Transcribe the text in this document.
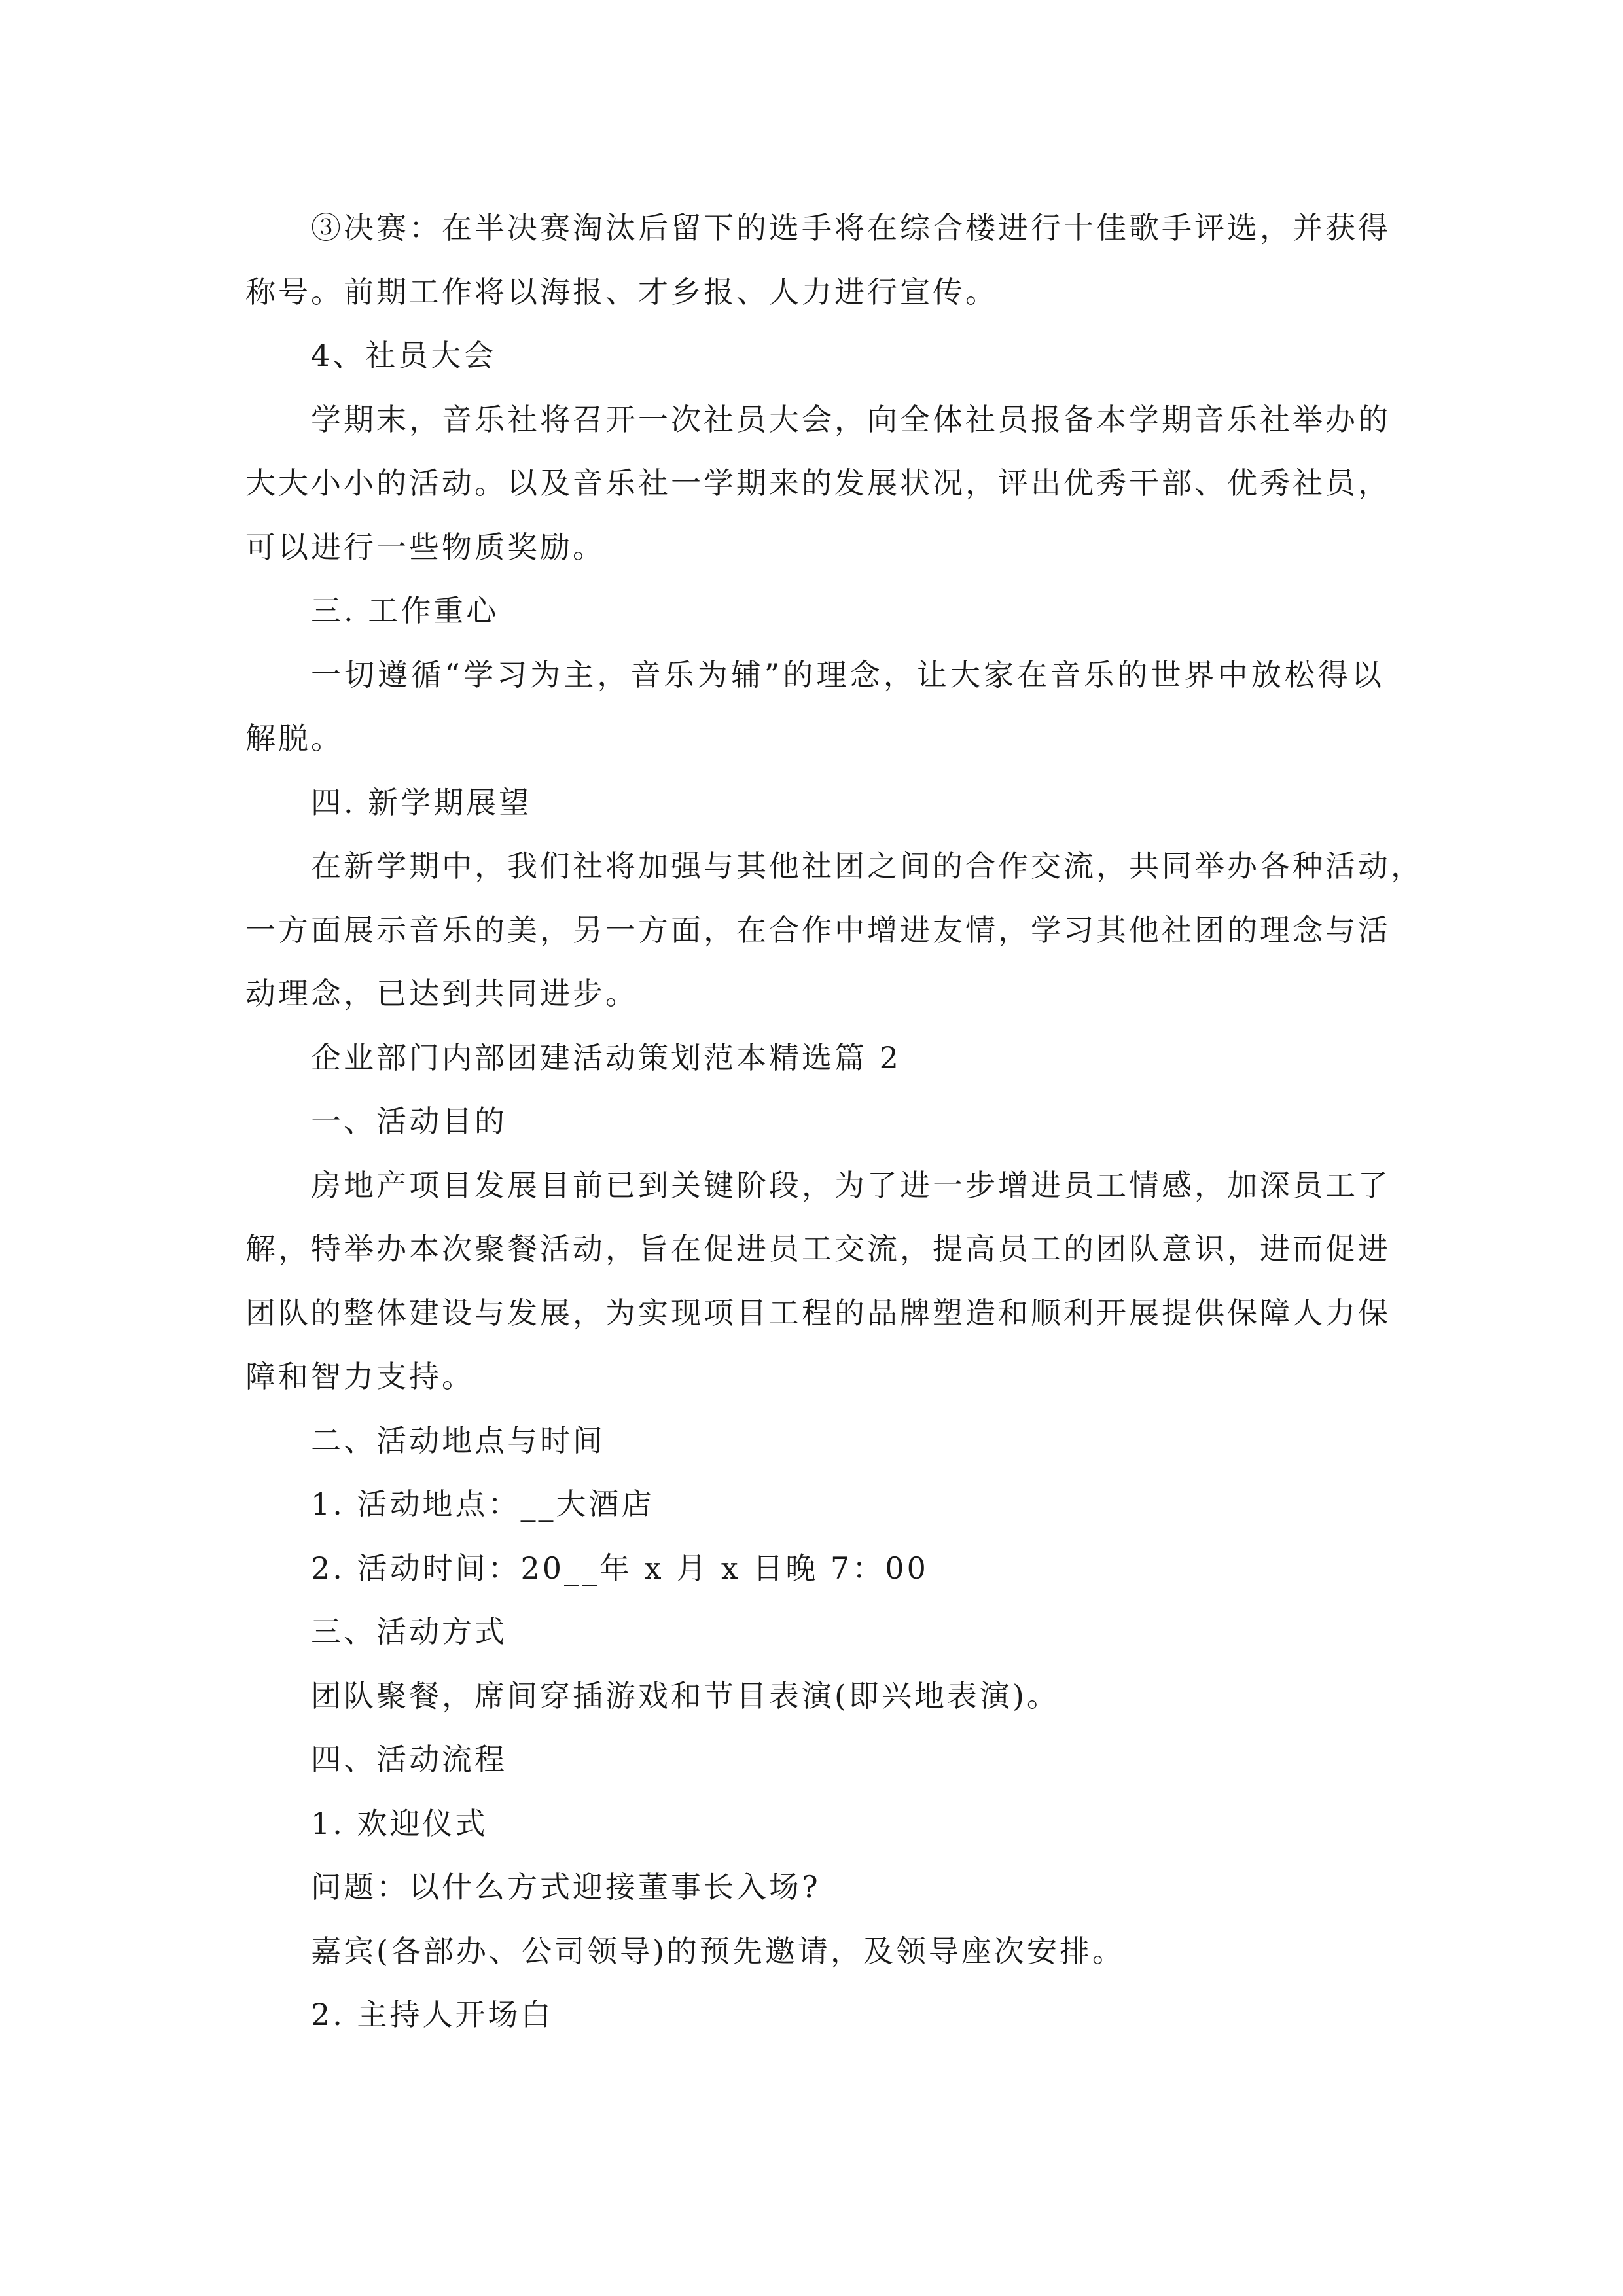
③决赛：在半决赛淘汰后留下的选手将在综合楼进行十佳歌手评选，并获得

称号。前期工作将以海报、才乡报、人力进行宣传。

4、社员大会

学期末，音乐社将召开一次社员大会，向全体社员报备本学期音乐社举办的

大大小小的活动。以及音乐社一学期来的发展状况，评出优秀干部、优秀社员，

可以进行一些物质奖励。

三. 工作重心

一切遵循“学习为主，音乐为辅”的理念，让大家在音乐的世界中放松得以

解脱。

四. 新学期展望

在新学期中，我们社将加强与其他社团之间的合作交流，共同举办各种活动，

一方面展示音乐的美，另一方面，在合作中增进友情，学习其他社团的理念与活

动理念，已达到共同进步。

企业部门内部团建活动策划范本精选篇 2

一、活动目的

房地产项目发展目前已到关键阶段，为了进一步增进员工情感，加深员工了

解，特举办本次聚餐活动，旨在促进员工交流，提高员工的团队意识，进而促进

团队的整体建设与发展，为实现项目工程的品牌塑造和顺利开展提供保障人力保

障和智力支持。

二、活动地点与时间

1. 活动地点：__大酒店

2. 活动时间：20__年 x 月 x 日晚 7：00

三、活动方式

团队聚餐，席间穿插游戏和节目表演(即兴地表演)。

四、活动流程

1. 欢迎仪式

问题：以什么方式迎接董事长入场?

嘉宾(各部办、公司领导)的预先邀请，及领导座次安排。

2. 主持人开场白
